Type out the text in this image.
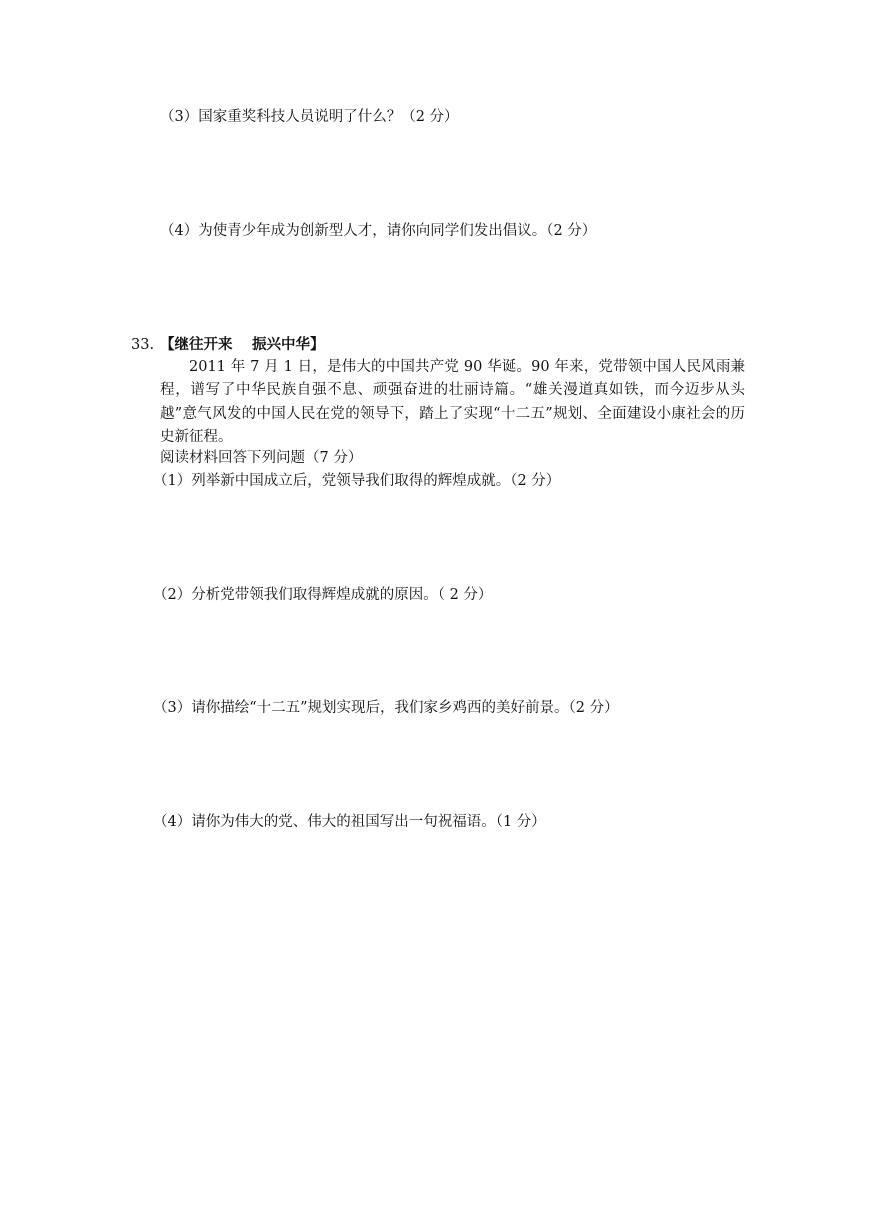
（3）国家重奖科技人员说明了什么？（2 分）
（4）为使青少年成为创新型人才，请你向同学们发出倡议。（2 分）
33. 【继往开来　 振兴中华】
2011 年 7 月 1 日，是伟大的中国共产党 90 华诞。90 年来，党带领中国人民风雨兼程，谱写了中华民族自强不息、顽强奋进的壮丽诗篇。“雄关漫道真如铁，而今迈步从头越”意气风发的中国人民在党的领导下，踏上了实现“十二五”规划、全面建设小康社会的历史新征程。
阅读材料回答下列问题（7 分）
（1）列举新中国成立后，党领导我们取得的辉煌成就。（2 分）
（2）分析党带领我们取得辉煌成就的原因。（ 2 分）
（3）请你描绘“十二五”规划实现后，我们家乡鸡西的美好前景。（2 分）
（4）请你为伟大的党、伟大的祖国写出一句祝福语。（1 分）
